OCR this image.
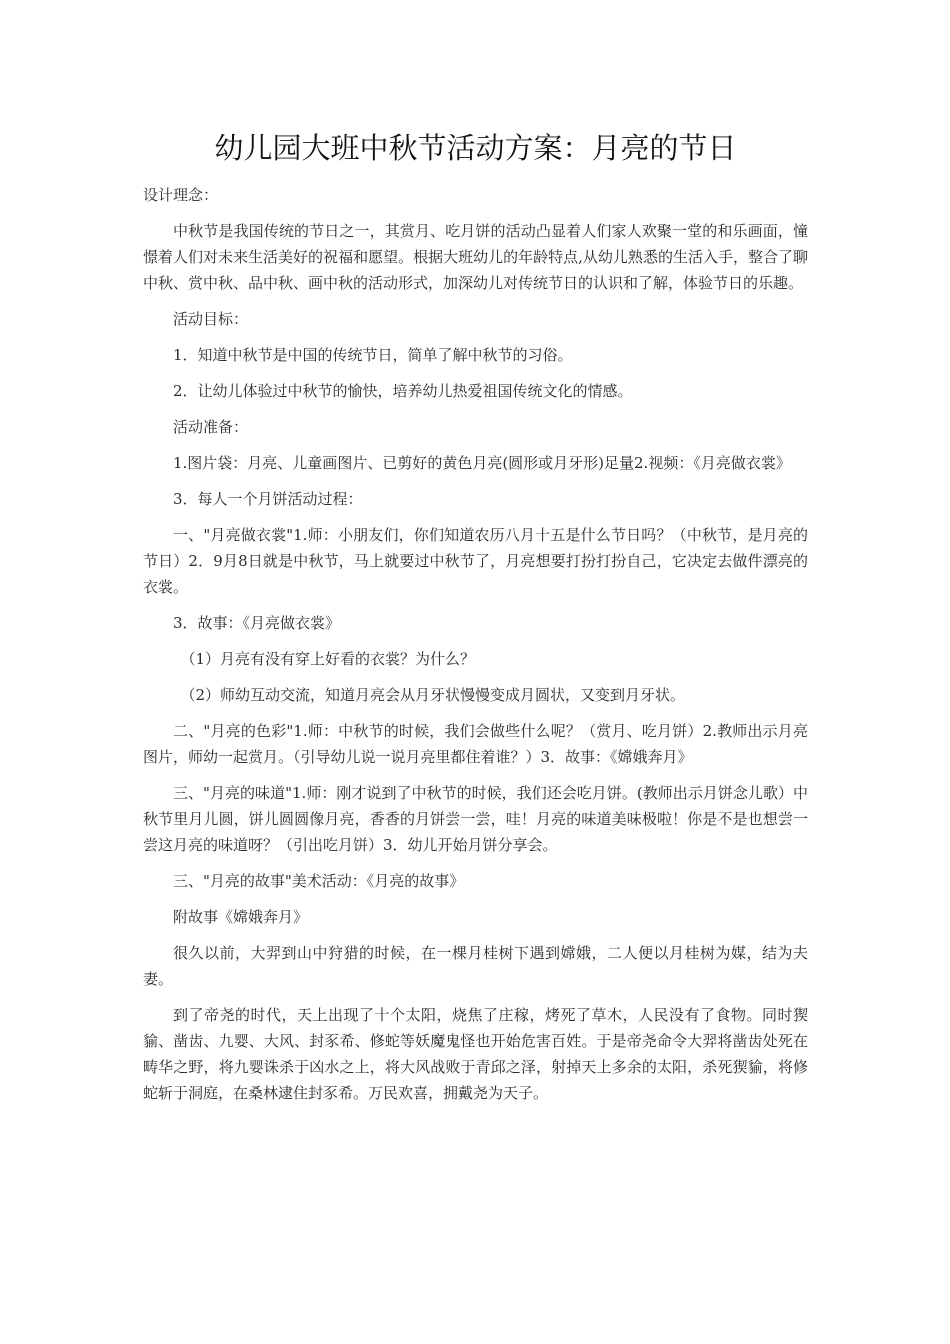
幼儿园大班中秋节活动方案：月亮的节日

设计理念：

中秋节是我国传统的节日之一，其赏月、吃月饼的活动凸显着人们家人欢聚一堂的和乐画面，憧憬着人们对未来生活美好的祝福和愿望。根据大班幼儿的年龄特点,从幼儿熟悉的生活入手，整合了聊中秋、赏中秋、品中秋、画中秋的活动形式，加深幼儿对传统节日的认识和了解，体验节日的乐趣。

活动目标：

1．知道中秋节是中国的传统节日，简单了解中秋节的习俗。

2．让幼儿体验过中秋节的愉快，培养幼儿热爱祖国传统文化的情感。

活动准备：

1.图片袋：月亮、儿童画图片、已剪好的黄色月亮(圆形或月牙形)足量2.视频：《月亮做衣裳》

3．每人一个月饼活动过程：

一、"月亮做衣裳"1.师：小朋友们，你们知道农历八月十五是什么节日吗？（中秋节，是月亮的节日）2．9月8日就是中秋节，马上就要过中秋节了，月亮想要打扮打扮自己，它决定去做件漂亮的衣裳。

3．故事：《月亮做衣裳》

（1）月亮有没有穿上好看的衣裳？为什么？

（2）师幼互动交流，知道月亮会从月牙状慢慢变成月圆状，又变到月牙状。

二、"月亮的色彩"1.师：中秋节的时候，我们会做些什么呢？（赏月、吃月饼）2.教师出示月亮图片，师幼一起赏月。（引导幼儿说一说月亮里都住着谁？）3．故事：《嫦娥奔月》

三、"月亮的味道"1.师：刚才说到了中秋节的时候，我们还会吃月饼。(教师出示月饼念儿歌）中秋节里月儿圆，饼儿圆圆像月亮，香香的月饼尝一尝，哇！月亮的味道美味极啦！你是不是也想尝一尝这月亮的味道呀？（引出吃月饼）3．幼儿开始月饼分享会。

三、"月亮的故事"美术活动：《月亮的故事》

附故事《嫦娥奔月》

很久以前，大羿到山中狩猎的时候，在一棵月桂树下遇到嫦娥，二人便以月桂树为媒，结为夫妻。

到了帝尧的时代，天上出现了十个太阳，烧焦了庄稼，烤死了草木，人民没有了食物。同时猰貐、凿齿、九婴、大风、封豕希、修蛇等妖魔鬼怪也开始危害百姓。于是帝尧命令大羿将凿齿处死在畴华之野，将九婴诛杀于凶水之上，将大风战败于青邱之泽，射掉天上多余的太阳，杀死猰貐，将修蛇斩于洞庭，在桑林逮住封豕希。万民欢喜，拥戴尧为天子。
